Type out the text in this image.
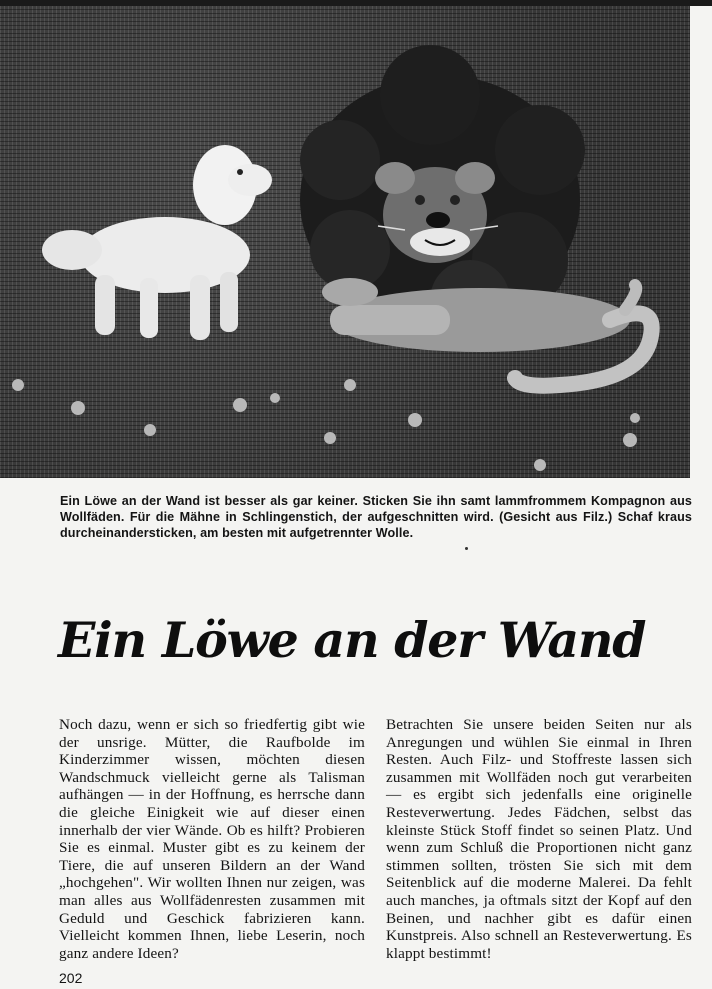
Ein Löwe an der Wand ist besser als gar keiner. Sticken Sie ihn samt lammfrommem Kompagnon aus Wollfäden. Für die Mähne in Schlingenstich, der aufgeschnitten wird. (Gesicht aus Filz.) Schaf kraus durcheinandersticken, am besten mit aufgetrennter Wolle.
Ein Löwe an der Wand
Noch dazu, wenn er sich so friedfertig gibt wie der unsrige. Mütter, die Raufbolde im Kinderzimmer wissen, möchten diesen Wandschmuck vielleicht gerne als Talisman aufhängen — in der Hoffnung, es herrsche dann die gleiche Einigkeit wie auf dieser einen innerhalb der vier Wände. Ob es hilft? Probieren Sie es einmal. Muster gibt es zu keinem der Tiere, die auf unseren Bildern an der Wand „hochgehen". Wir wollten Ihnen nur zeigen, was man alles aus Wollfädenresten zusammen mit Geduld und Geschick fabrizieren kann. Vielleicht kommen Ihnen, liebe Leserin, noch ganz andere Ideen?
Betrachten Sie unsere beiden Seiten nur als Anregungen und wühlen Sie einmal in Ihren Resten. Auch Filz- und Stoffreste lassen sich zusammen mit Wollfäden noch gut verarbeiten — es ergibt sich jedenfalls eine originelle Resteverwertung. Jedes Fädchen, selbst das kleinste Stück Stoff findet so seinen Platz. Und wenn zum Schluß die Proportionen nicht ganz stimmen sollten, trösten Sie sich mit dem Seitenblick auf die moderne Malerei. Da fehlt auch manches, ja oftmals sitzt der Kopf auf den Beinen, und nachher gibt es dafür einen Kunstpreis. Also schnell an Resteverwertung. Es klappt bestimmt!
202
